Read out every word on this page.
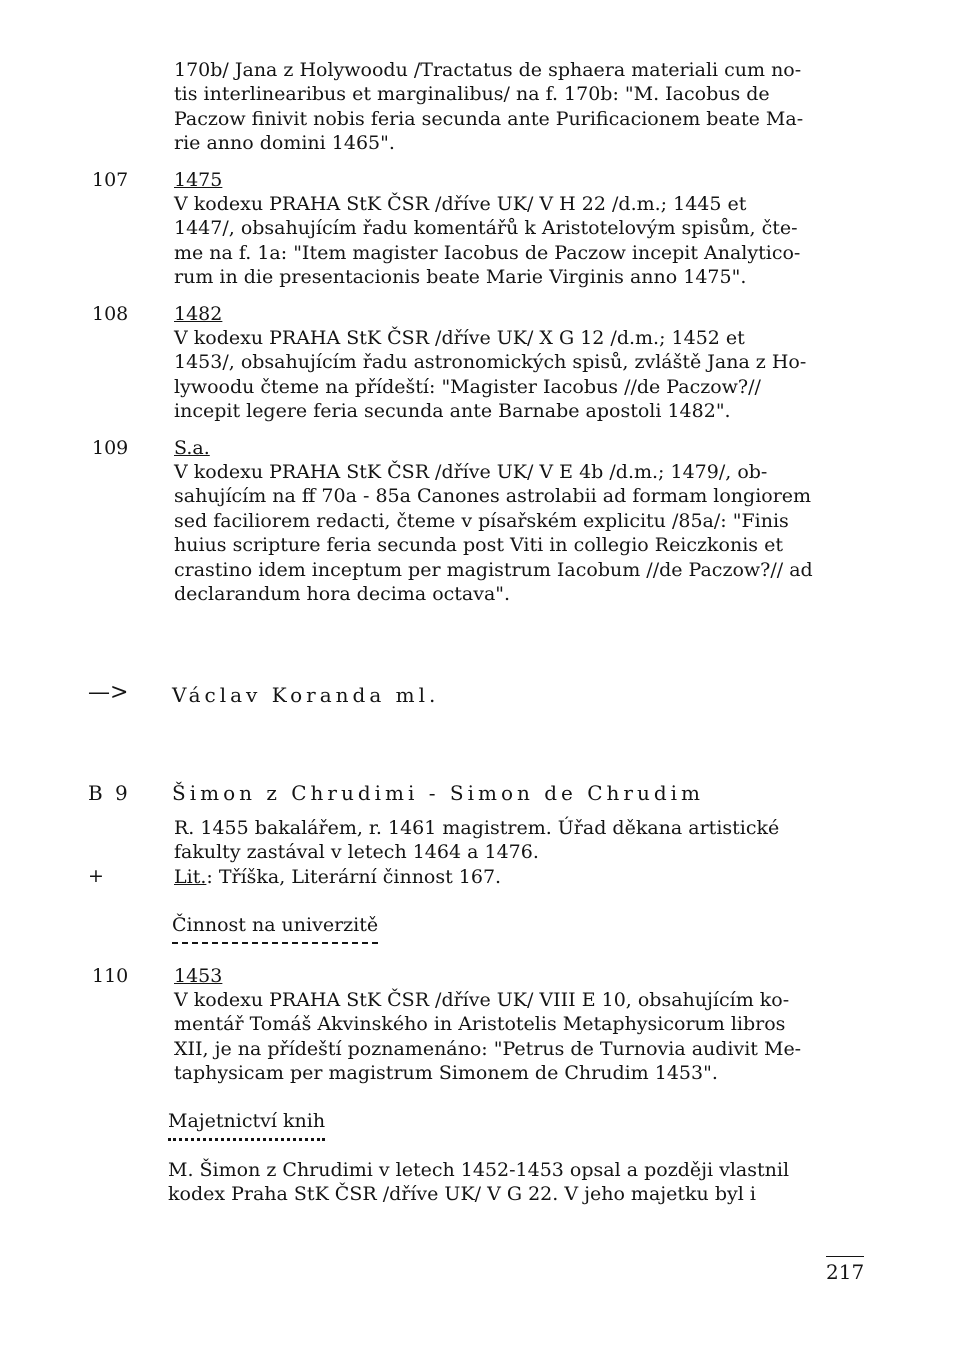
170b/ Jana z Holywoodu /Tractatus de sphaera materiali cum no-
tis interlinearibus et marginalibus/ na f. 170b: "M. Iacobus de
Paczow finivit nobis feria secunda ante Purificacionem beate Ma-
rie anno domini 1465".

107 1475

V kodexu PRAHA StK ČSR /dříve UK/ V H 22 /d.m.; 1445 et
1447/, obsahujícím řadu komentářů k Aristotelovým spisům, čte-
me na f. 1a: "Item magister Iacobus de Paczow incepit Analytico-
rum in die presentacionis beate Marie Virginis anno 1475".

108 1482

V kodexu PRAHA StK ČSR /dříve UK/ X G 12 /d.m.; 1452 et
1453/, obsahujícím řadu astronomických spisů, zvláště Jana z Ho-
lywoodu čteme na přídeští: "Magister Iacobus //de Paczow?//
incepit legere feria secunda ante Barnabe apostoli 1482".

109 S.a.

V kodexu PRAHA StK ČSR /dříve UK/ V E 4b /d.m.; 1479/, ob-
sahujícím na ff 70a - 85a Canones astrolabii ad formam longiorem
sed faciliorem redacti, čteme v písařském explicitu /85a/: "Finis
huius scripture feria secunda post Viti in collegio Reiczkonis et
crastino idem inceptum per magistrum Iacobum //de Paczow?// ad
declarandum hora decima octava".

—> Václav Koranda ml.
B 9 Šimon z Chrudimi - Simon de Chrudim

R. 1455 bakalářem, r. 1461 magistrem. Úřad děkana artistické
fakulty zastával v letech 1464 a 1476.
Lit.: Tříška, Literární činnost 167.

+
Činnost na univerzitě
110 1453

V kodexu PRAHA StK ČSR /dříve UK/ VIII E 10, obsahujícím ko-
mentář Tomáš Akvinského in Aristotelis Metaphysicorum libros
XII, je na přídeští poznamenáno: "Petrus de Turnovia audivit Me-
taphysicam per magistrum Simonem de Chrudim 1453".

Majetnictví knih

M. Šimon z Chrudimi v letech 1452-1453 opsal a později vlastnil
kodex Praha StK ČSR /dříve UK/ V G 22. V jeho majetku byl i

217
